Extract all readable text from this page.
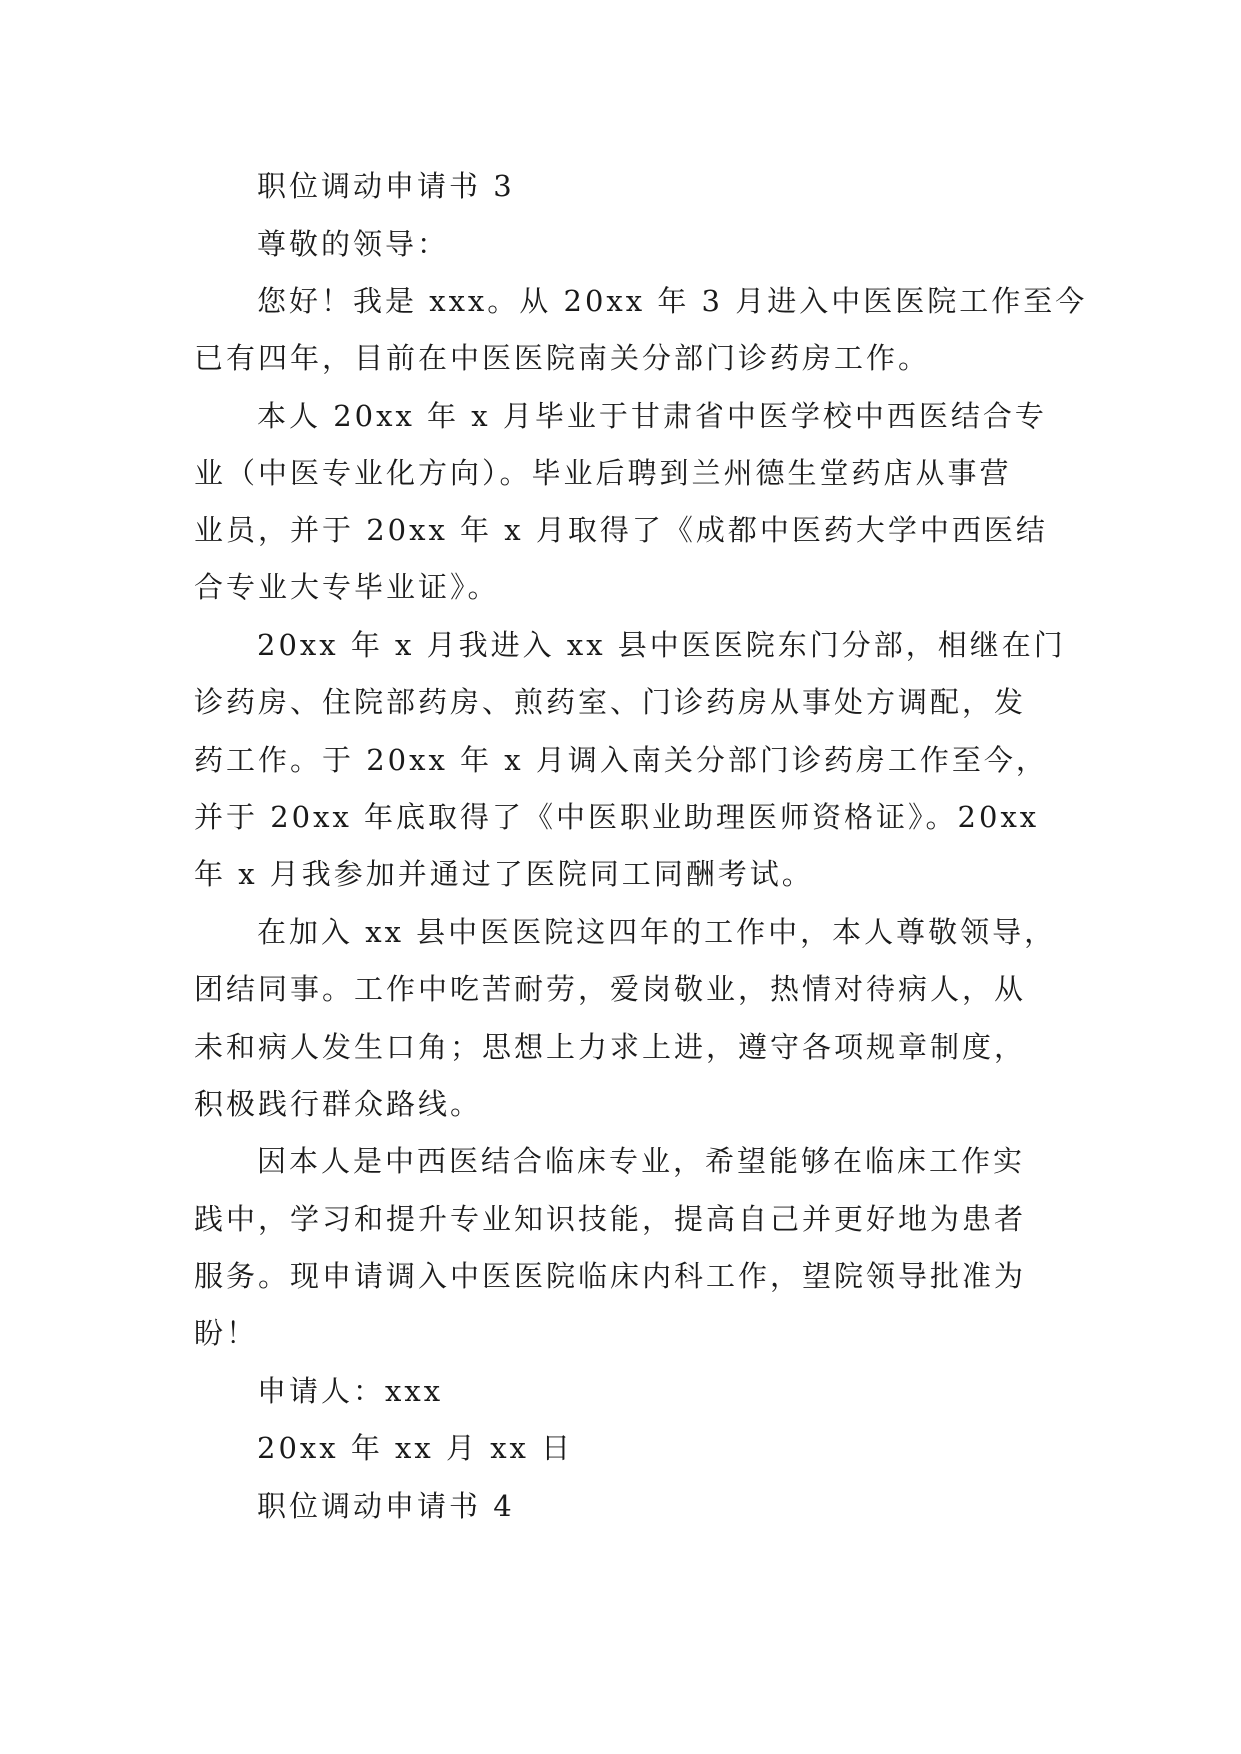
职位调动申请书 3
尊敬的领导：
您好！我是 xxx。从 20xx 年 3 月进入中医医院工作至今
已有四年，目前在中医医院南关分部门诊药房工作。
本人 20xx 年 x 月毕业于甘肃省中医学校中西医结合专
业（中医专业化方向）。毕业后聘到兰州德生堂药店从事营
业员，并于 20xx 年 x 月取得了《成都中医药大学中西医结
合专业大专毕业证》。
20xx 年 x 月我进入 xx 县中医医院东门分部，相继在门
诊药房、住院部药房、煎药室、门诊药房从事处方调配，发
药工作。于 20xx 年 x 月调入南关分部门诊药房工作至今，
并于 20xx 年底取得了《中医职业助理医师资格证》。20xx
年 x 月我参加并通过了医院同工同酬考试。
在加入 xx 县中医医院这四年的工作中，本人尊敬领导，
团结同事。工作中吃苦耐劳，爱岗敬业，热情对待病人，从
未和病人发生口角；思想上力求上进，遵守各项规章制度，
积极践行群众路线。
因本人是中西医结合临床专业，希望能够在临床工作实
践中，学习和提升专业知识技能，提高自己并更好地为患者
服务。现申请调入中医医院临床内科工作，望院领导批准为
盼！
申请人：xxx
20xx 年 xx 月 xx 日
职位调动申请书 4
